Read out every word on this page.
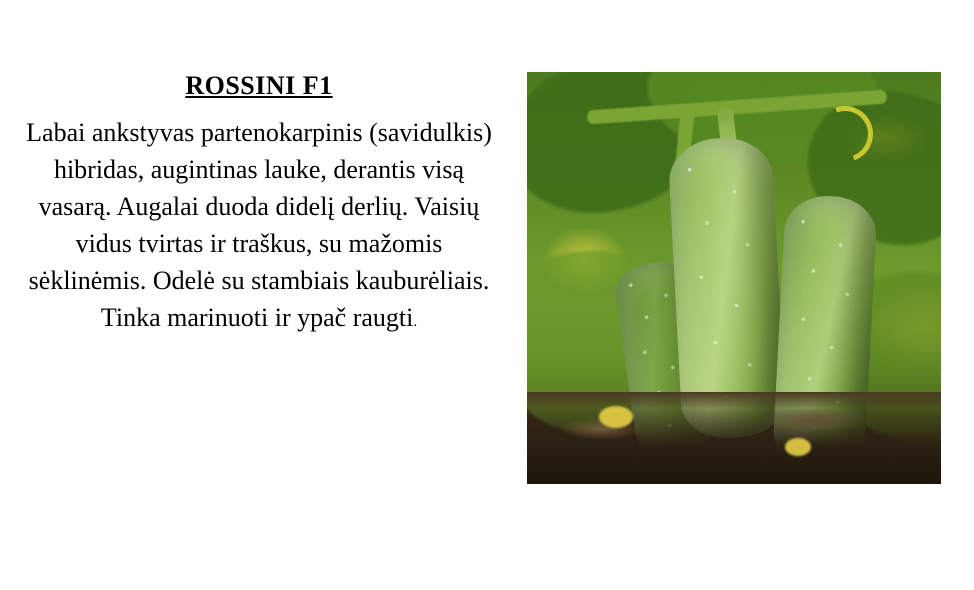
ROSSINI F1

Labai ankstyvas partenokarpinis (savidulkis) hibridas, augintinas lauke, derantis visą vasarą. Augalai duoda didelį derlių. Vaisių vidus tvirtas ir traškus, su mažomis sėklinėmis. Odelė su stambiais kauburėliais. Tinka marinuoti ir ypač raugti.
